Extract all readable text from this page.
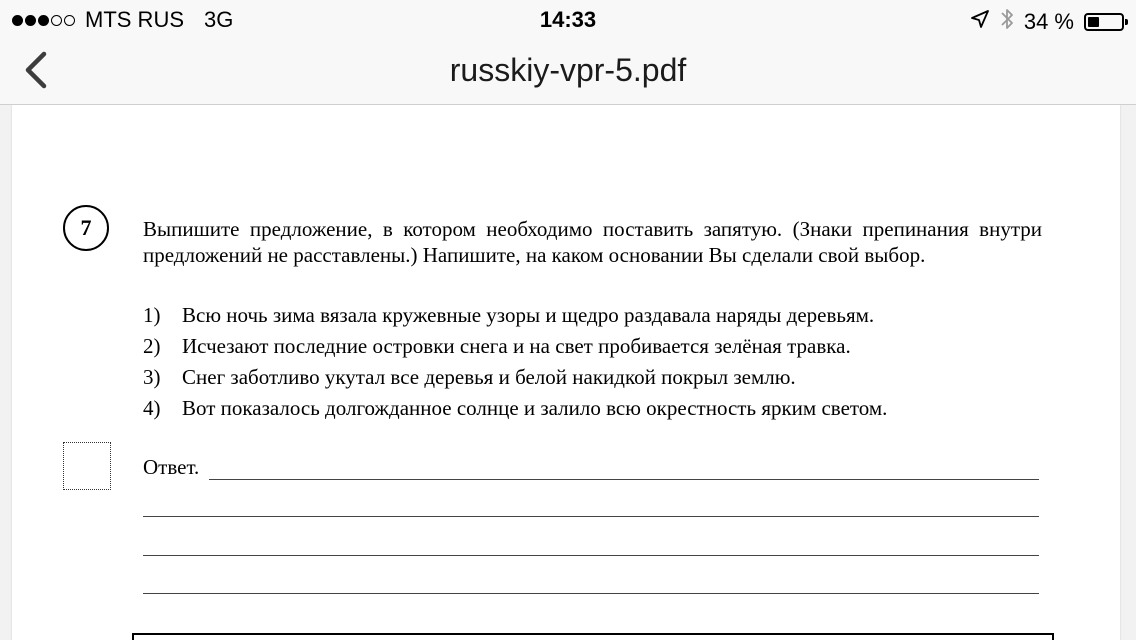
MTS RUS 3G	14:33	34 %
russkiy-vpr-5.pdf
7	Выпишите предложение, в котором необходимо поставить запятую. (Знаки препинания внутри предложений не расставлены.) Напишите, на каком основании Вы сделали свой выбор.
1)	Всю ночь зима вязала кружевные узоры и щедро раздавала наряды деревьям.
2)	Исчезают последние островки снега и на свет пробивается зелёная травка.
3)	Снег заботливо укутал все деревья и белой накидкой покрыл землю.
4)	Вот показалось долгожданное солнце и залило всю окрестность ярким светом.
Ответ.
